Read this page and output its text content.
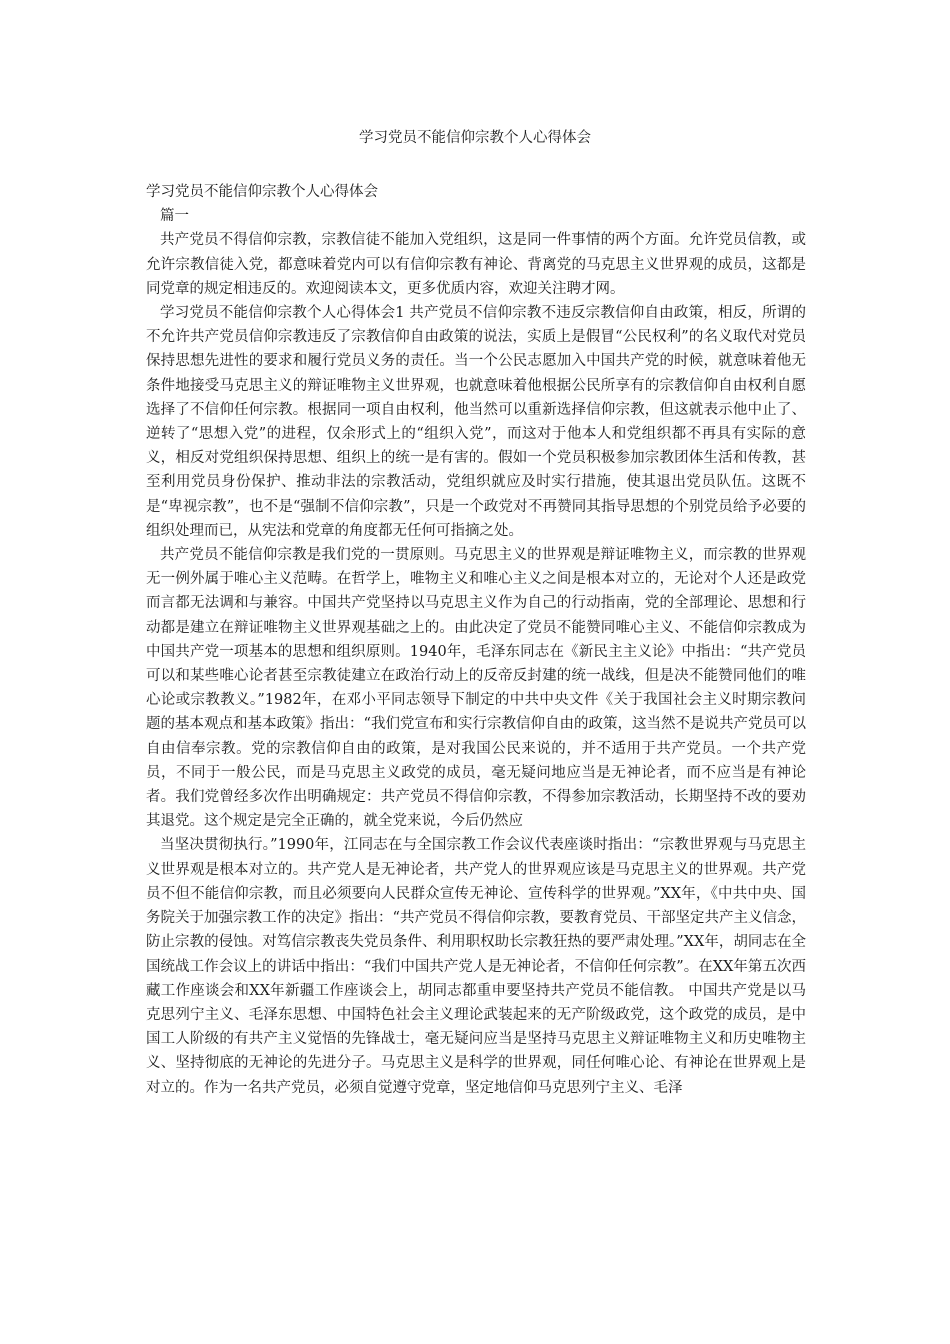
学习党员不能信仰宗教个人心得体会
学习党员不能信仰宗教个人心得体会

篇一

共产党员不得信仰宗教，宗教信徒不能加入党组织，这是同一件事情的两个方面。允许党员信教，或允许宗教信徒入党，都意味着党内可以有信仰宗教有神论、背离党的马克思主义世界观的成员，这都是同党章的规定相违反的。欢迎阅读本文，更多优质内容，欢迎关注聘才网。

学习党员不能信仰宗教个人心得体会1 共产党员不信仰宗教不违反宗教信仰自由政策，相反，所谓的不允许共产党员信仰宗教违反了宗教信仰自由政策的说法，实质上是假冒“公民权利”的名义取代对党员保持思想先进性的要求和履行党员义务的责任。当一个公民志愿加入中国共产党的时候，就意味着他无条件地接受马克思主义的辩证唯物主义世界观，也就意味着他根据公民所享有的宗教信仰自由权利自愿选择了不信仰任何宗教。根据同一项自由权利，他当然可以重新选择信仰宗教，但这就表示他中止了、逆转了“思想入党”的进程，仅余形式上的“组织入党”，而这对于他本人和党组织都不再具有实际的意义，相反对党组织保持思想、组织上的统一是有害的。假如一个党员积极参加宗教团体生活和传教，甚至利用党员身份保护、推动非法的宗教活动，党组织就应及时实行措施，使其退出党员队伍。这既不是“卑视宗教”，也不是“强制不信仰宗教”，只是一个政党对不再赞同其指导思想的个别党员给予必要的组织处理而已，从宪法和党章的角度都无任何可指摘之处。

共产党员不能信仰宗教是我们党的一贯原则。马克思主义的世界观是辩证唯物主义，而宗教的世界观无一例外属于唯心主义范畴。在哲学上，唯物主义和唯心主义之间是根本对立的，无论对个人还是政党而言都无法调和与兼容。中国共产党坚持以马克思主义作为自己的行动指南，党的全部理论、思想和行动都是建立在辩证唯物主义世界观基础之上的。由此决定了党员不能赞同唯心主义、不能信仰宗教成为中国共产党一项基本的思想和组织原则。1940年，毛泽东同志在《新民主主义论》中指出：“共产党员可以和某些唯心论者甚至宗教徒建立在政治行动上的反帝反封建的统一战线，但是决不能赞同他们的唯心论或宗教教义。”1982年，在邓小平同志领导下制定的中共中央文件《关于我国社会主义时期宗教问题的基本观点和基本政策》指出：“我们党宣布和实行宗教信仰自由的政策，这当然不是说共产党员可以自由信奉宗教。党的宗教信仰自由的政策，是对我国公民来说的，并不适用于共产党员。一个共产党员，不同于一般公民，而是马克思主义政党的成员，毫无疑问地应当是无神论者，而不应当是有神论者。我们党曾经多次作出明确规定：共产党员不得信仰宗教，不得参加宗教活动，长期坚持不改的要劝其退党。这个规定是完全正确的，就全党来说，今后仍然应

当坚决贯彻执行。”1990年，江同志在与全国宗教工作会议代表座谈时指出：“宗教世界观与马克思主义世界观是根本对立的。共产党人是无神论者，共产党人的世界观应该是马克思主义的世界观。共产党员不但不能信仰宗教，而且必须要向人民群众宣传无神论、宣传科学的世界观。”XX年，《中共中央、国务院关于加强宗教工作的决定》指出：“共产党员不得信仰宗教，要教育党员、干部坚定共产主义信念，防止宗教的侵蚀。对笃信宗教丧失党员条件、利用职权助长宗教狂热的要严肃处理。”XX年，胡同志在全国统战工作会议上的讲话中指出：“我们中国共产党人是无神论者，不信仰任何宗教”。在XX年第五次西藏工作座谈会和XX年新疆工作座谈会上，胡同志都重申要坚持共产党员不能信教。 中国共产党是以马克思列宁主义、毛泽东思想、中国特色社会主义理论武装起来的无产阶级政党，这个政党的成员，是中国工人阶级的有共产主义觉悟的先锋战士，毫无疑问应当是坚持马克思主义辩证唯物主义和历史唯物主义、坚持彻底的无神论的先进分子。马克思主义是科学的世界观，同任何唯心论、有神论在世界观上是对立的。作为一名共产党员，必须自觉遵守党章，坚定地信仰马克思列宁主义、毛泽
